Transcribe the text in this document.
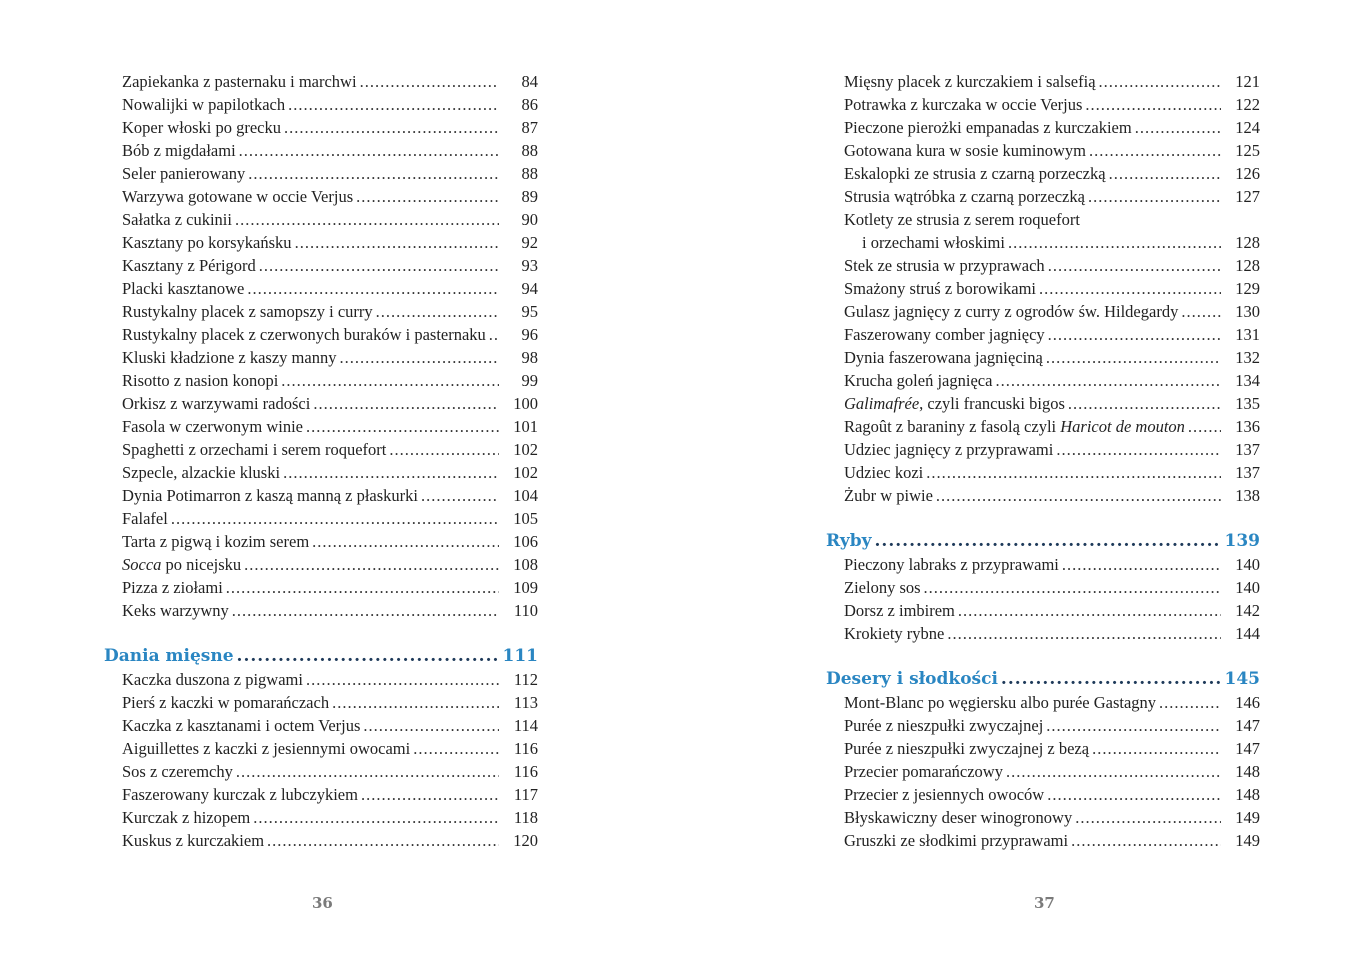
Zapiekanka z pasternaku i marchwi .....	84
Nowalijki w papilotkach .....	86
Koper włoski po grecku .....	87
Bób z migdałami .....	88
Seler panierowany .....	88
Warzywa gotowane w occie Verjus .....	89
Sałatka z cukinii .....	90
Kasztany po korsykańsku .....	92
Kasztany z Périgord .....	93
Placki kasztanowe .....	94
Rustykalny placek z samopszy i curry .....	95
Rustykalny placek z czerwonych buraków i pasternaku .....	96
Kluski kładzione z kaszy manny .....	98
Risotto z nasion konopi .....	99
Orkisz z warzywami radości .....	100
Fasola w czerwonym winie .....	101
Spaghetti z orzechami i serem roquefort .....	102
Szpecle, alzackie kluski .....	102
Dynia Potimarron z kaszą manną z płaskurki .....	104
Falafel .....	105
Tarta z pigwą i kozim serem .....	106
Socca po nicejsku .....	108
Pizza z ziołami .....	109
Keks warzywny .....	110
Dania mięsne .....	111
Kaczka duszona z pigwami .....	112
Pierś z kaczki w pomarańczach .....	113
Kaczka z kasztanami i octem Verjus .....	114
Aiguillettes z kaczki z jesiennymi owocami .....	116
Sos z czeremchy .....	116
Faszerowany kurczak z lubczykiem .....	117
Kurczak z hizopem .....	118
Kuskus z kurczakiem .....	120
Mięsny placek z kurczakiem i salsefią .....	121
Potrawka z kurczaka w occie Verjus .....	122
Pieczone pierożki empanadas z kurczakiem .....	124
Gotowana kura w sosie kuminowym .....	125
Eskalopki ze strusia z czarną porzeczką .....	126
Strusia wątróbka z czarną porzeczką .....	127
Kotlety ze strusia z serem roquefort
i orzechami włoskimi .....	128
Stek ze strusia w przyprawach .....	128
Smażony struś z borowikami .....	129
Gulasz jagnięcy z curry z ogrodów św. Hildegardy .....	130
Faszerowany comber jagnięcy .....	131
Dynia faszerowana jagnięciną .....	132
Krucha goleń jagnięca .....	134
Galimafrée, czyli francuski bigos .....	135
Ragoût z baraniny z fasolą czyli Haricot de mouton .....	136
Udziec jagnięcy z przyprawami .....	137
Udziec kozi .....	137
Żubr w piwie .....	138
Ryby .....	139
Pieczony labraks z przyprawami .....	140
Zielony sos .....	140
Dorsz z imbirem .....	142
Krokiety rybne .....	144
Desery i słodkości .....	145
Mont-Blanc po węgiersku albo purée Gastagny .....	146
Purée z nieszpułki zwyczajnej .....	147
Purée z nieszpułki zwyczajnej z bezą .....	147
Przecier pomarańczowy .....	148
Przecier z jesiennych owoców .....	148
Błyskawiczny deser winogronowy .....	149
Gruszki ze słodkimi przyprawami .....	149
36	37
